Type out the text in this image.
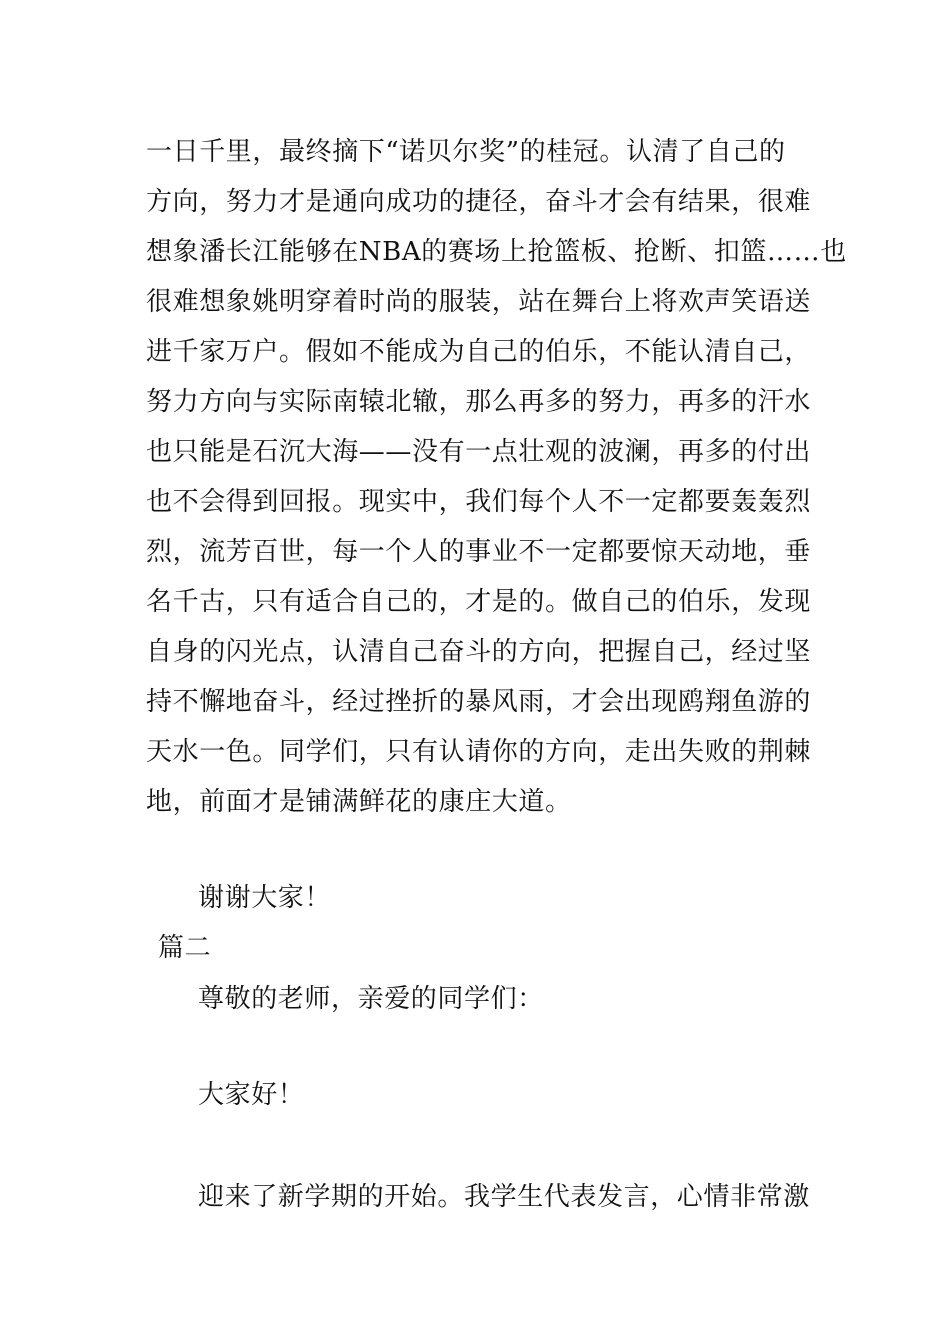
一日千里，最终摘下“诺贝尔奖”的桂冠。认清了自己的
方向，努力才是通向成功的捷径，奋斗才会有结果，很难
想象潘长江能够在NBA的赛场上抢篮板、抢断、扣篮……也
很难想象姚明穿着时尚的服装，站在舞台上将欢声笑语送
进千家万户。假如不能成为自己的伯乐，不能认清自己，
努力方向与实际南辕北辙，那么再多的努力，再多的汗水
也只能是石沉大海——没有一点壮观的波澜，再多的付出
也不会得到回报。现实中，我们每个人不一定都要轰轰烈
烈，流芳百世，每一个人的事业不一定都要惊天动地，垂
名千古，只有适合自己的，才是的。做自己的伯乐，发现
自身的闪光点，认清自己奋斗的方向，把握自己，经过坚
持不懈地奋斗，经过挫折的暴风雨，才会出现鸥翔鱼游的
天水一色。同学们，只有认请你的方向，走出失败的荆棘
地，前面才是铺满鲜花的康庄大道。
谢谢大家！
篇二
尊敬的老师，亲爱的同学们：
大家好！
迎来了新学期的开始。我学生代表发言，心情非常激
